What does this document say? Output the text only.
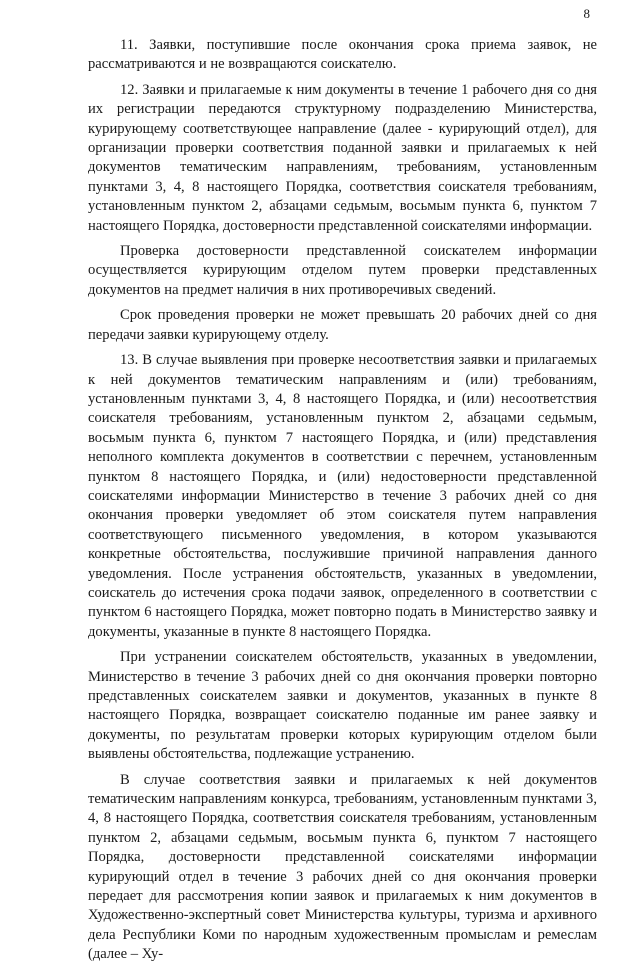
8

11. Заявки, поступившие после окончания срока приема заявок, не рассматриваются и не возвращаются соискателю.

12. Заявки и прилагаемые к ним документы в течение 1 рабочего дня со дня их регистрации передаются структурному подразделению Министерства, курирующему соответствующее направление (далее - курирующий отдел), для организации проверки соответствия поданной заявки и прилагаемых к ней документов тематическим направлениям, требованиям, установленным пунктами 3, 4, 8 настоящего Порядка, соответствия соискателя требованиям, установленным пунктом 2, абзацами седьмым, восьмым пункта 6, пунктом 7 настоящего Порядка, достоверности представленной соискателями информации.

Проверка достоверности представленной соискателем информации осуществляется курирующим отделом путем проверки представленных документов на предмет наличия в них противоречивых сведений.

Срок проведения проверки не может превышать 20 рабочих дней со дня передачи заявки курирующему отделу.

13. В случае выявления при проверке несоответствия заявки и прилагаемых к ней документов тематическим направлениям и (или) требованиям, установленным пунктами 3, 4, 8 настоящего Порядка, и (или) несоответствия соискателя требованиям, установленным пунктом 2, абзацами седьмым, восьмым пункта 6, пунктом 7 настоящего Порядка, и (или) представления неполного комплекта документов в соответствии с перечнем, установленным пунктом 8 настоящего Порядка, и (или) недостоверности представленной соискателями информации Министерство в течение 3 рабочих дней со дня окончания проверки уведомляет об этом соискателя путем направления соответствующего письменного уведомления, в котором указываются конкретные обстоятельства, послужившие причиной направления данного уведомления. После устранения обстоятельств, указанных в уведомлении, соискатель до истечения срока подачи заявок, определенного в соответствии с пунктом 6 настоящего Порядка, может повторно подать в Министерство заявку и документы, указанные в пункте 8 настоящего Порядка.

При устранении соискателем обстоятельств, указанных в уведомлении, Министерство в течение 3 рабочих дней со дня окончания проверки повторно представленных соискателем заявки и документов, указанных в пункте 8 настоящего Порядка, возвращает соискателю поданные им ранее заявку и документы, по результатам проверки которых курирующим отделом были выявлены обстоятельства, подлежащие устранению.

В случае соответствия заявки и прилагаемых к ней документов тематическим направлениям конкурса, требованиям, установленным пунктами 3, 4, 8 настоящего Порядка, соответствия соискателя требованиям, установленным пунктом 2, абзацами седьмым, восьмым пункта 6, пунктом 7 настоящего Порядка, достоверности представленной соискателями информации курирующий отдел в течение 3 рабочих дней со дня окончания проверки передает для рассмотрения копии заявок и прилагаемых к ним документов в Художественно-экспертный совет Министерства культуры, туризма и архивного дела Республики Коми по народным художественным промыслам и ремеслам (далее – Ху-
